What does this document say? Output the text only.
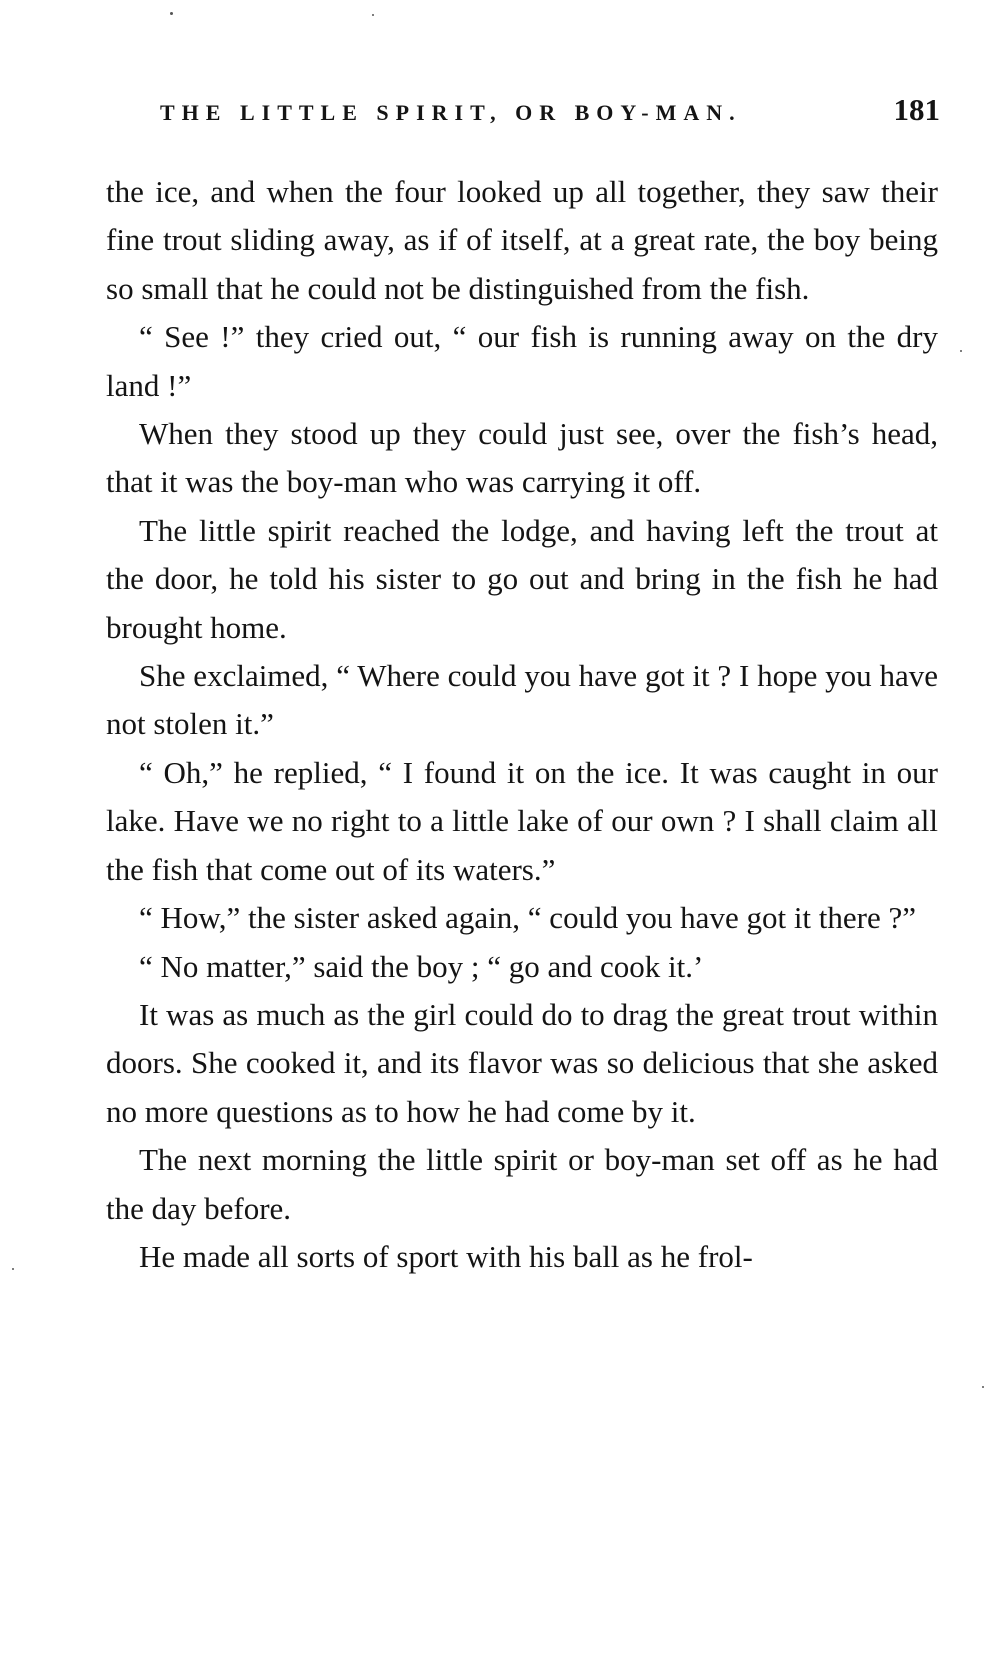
THE LITTLE SPIRIT, OR BOY-MAN.	181

the ice, and when the four looked up all together, they saw their fine trout sliding away, as if of itself, at a great rate, the boy being so small that he could not be distinguished from the fish.

“ See !” they cried out, “ our fish is running away on the dry land !”

When they stood up they could just see, over the fish’s head, that it was the boy-man who was carrying it off.

The little spirit reached the lodge, and having left the trout at the door, he told his sister to go out and bring in the fish he had brought home.

She exclaimed, “ Where could you have got it ? I hope you have not stolen it.”

“ Oh,” he replied, “ I found it on the ice. It was caught in our lake. Have we no right to a little lake of our own ? I shall claim all the fish that come out of its waters.”

“ How,” the sister asked again, “ could you have got it there ?”

“ No matter,” said the boy ; “ go and cook it.’

It was as much as the girl could do to drag the great trout within doors. She cooked it, and its flavor was so delicious that she asked no more questions as to how he had come by it.

The next morning the little spirit or boy-man set off as he had the day before.

He made all sorts of sport with his ball as he frol-
